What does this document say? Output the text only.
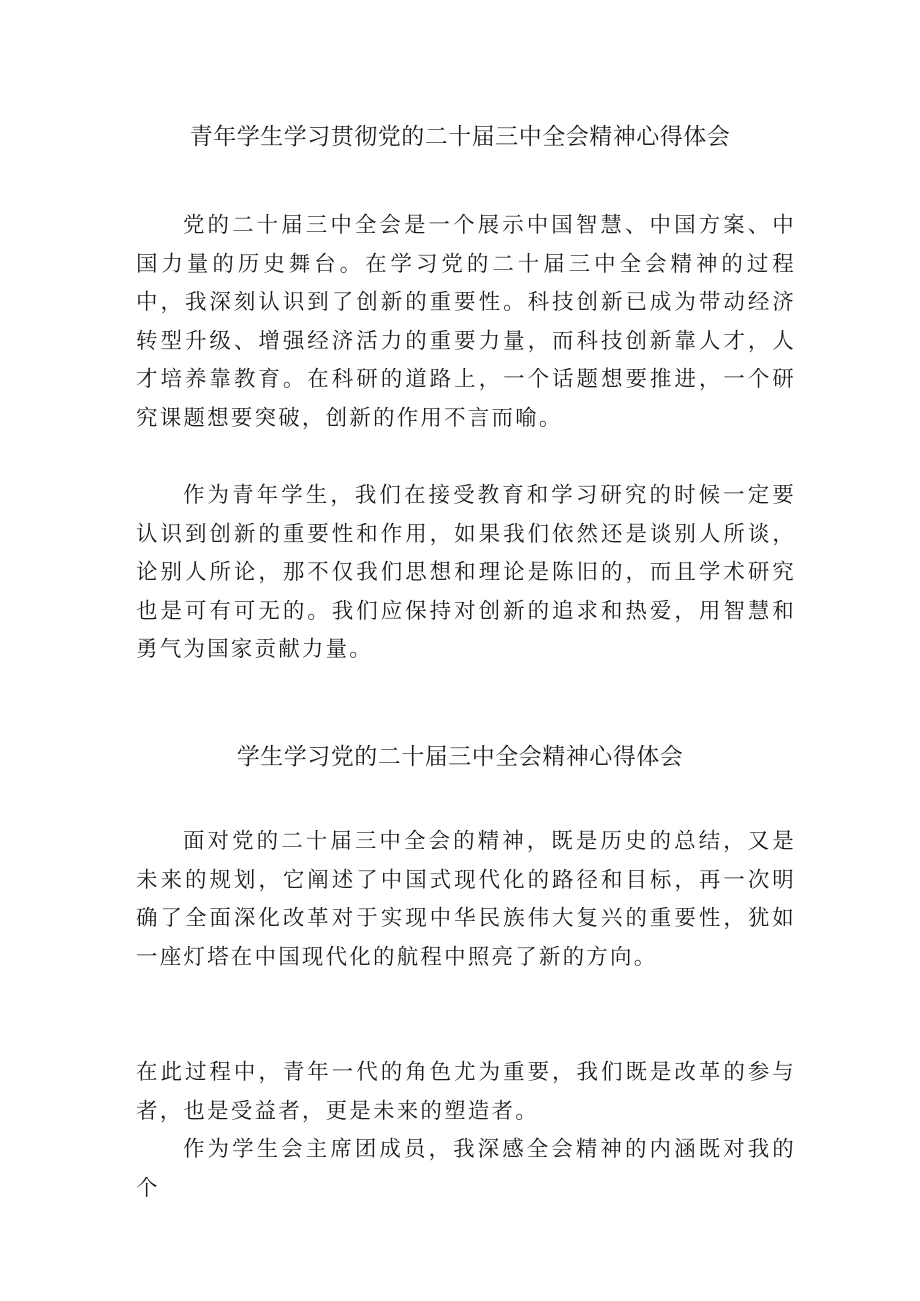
青年学生学习贯彻党的二十届三中全会精神心得体会

党的二十届三中全会是一个展示中国智慧、中国方案、中国力量的历史舞台。在学习党的二十届三中全会精神的过程中，我深刻认识到了创新的重要性。科技创新已成为带动经济转型升级、增强经济活力的重要力量，而科技创新靠人才，人才培养靠教育。在科研的道路上，一个话题想要推进，一个研究课题想要突破，创新的作用不言而喻。

作为青年学生，我们在接受教育和学习研究的时候一定要认识到创新的重要性和作用，如果我们依然还是谈别人所谈，论别人所论，那不仅我们思想和理论是陈旧的，而且学术研究也是可有可无的。我们应保持对创新的追求和热爱，用智慧和勇气为国家贡献力量。

学生学习党的二十届三中全会精神心得体会

面对党的二十届三中全会的精神，既是历史的总结，又是未来的规划，它阐述了中国式现代化的路径和目标，再一次明确了全面深化改革对于实现中华民族伟大复兴的重要性，犹如一座灯塔在中国现代化的航程中照亮了新的方向。

在此过程中，青年一代的角色尤为重要，我们既是改革的参与者，也是受益者，更是未来的塑造者。

作为学生会主席团成员，我深感全会精神的内涵既对我的个
